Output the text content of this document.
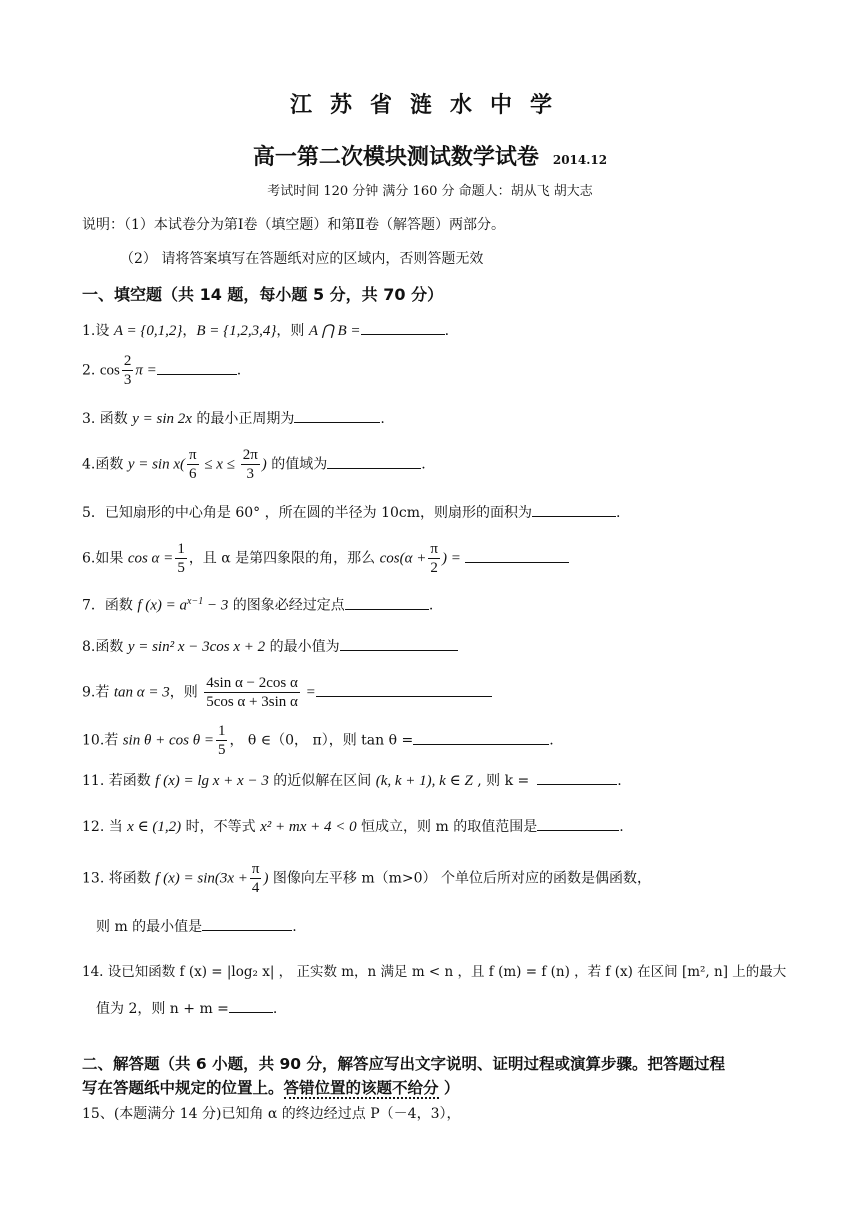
江苏省涟水中学
高一第二次模块测试数学试卷 2014.12
考试时间 120 分钟 满分 160 分 命题人：胡从飞 胡大志
说明：（1）本试卷分为第Ⅰ卷（填空题）和第Ⅱ卷（解答题）两部分。
（2） 请将答案填写在答题纸对应的区域内，否则答题无效
一、填空题（共 14 题，每小题 5 分，共 70 分）
1.设 A = {0,1,2}，B = {1,2,3,4}，则 A ⋂ B =	.
2. $\cos \frac{2}{3}$ π =	.
3. 函数 y = sin 2x 的最小正周期为	.
4.函数 $y = \sin x( \frac{\pi}{6} \le x \le \frac{2\pi}{3}$ ) 的值域为	.
5．已知扇形的中心角是 60° ，所在圆的半径为 10cm，则扇形的面积为	.
6.如果 $\cos \alpha = \frac{1}{5}$ ，且 α 是第四象限的角，那么 $\cos(\alpha + \frac{\pi}{2}$ ) =
7．函数 f $(x) = a^{x-1} - 3$ 的图象必经过定点	.
8.函数 y = sin² x − 3cos x + 2 的最小值为
9.若 tan α = 3，则 $\frac{\text{4sin α − 2cos α}}{\text{5cos α + 3sin α}}$ =
10.若 $\sin \theta + \cos \theta = \frac{1}{5}$ ， θ ∈（0， π），则 tan θ =	.
11. 若函数 f (x) = lg x + x − 3 的近似解在区间 (k, k + 1), k ∈ Z , 则 k =	.
12. 当 x ∈ (1,2) 时，不等式 x² + mx + 4 < 0 恒成立，则 m 的取值范围是	.
13. 将函数 f $(x) = \sin(3x + \frac{\pi}{4}$ ) 图像向左平移 m（m>0） 个单位后所对应的函数是偶函数，
则 m 的最小值是	.
14. 设已知函数 f (x) = |log₂ x| ， 正实数 m，n 满足 m < n ，且 f (m) = f (n) ，若 f (x) 在区间 [m², n] 上的最大
值为 2，则 n + m =	.
二、解答题（共 6 小题，共 90 分，解答应写出文字说明、证明过程或演算步骤。把答题过程
写在答题纸中规定的位置上。答错位置的该题不给分 ）
15、(本题满分 14 分)已知角 α 的终边经过点 P（－4，3），
